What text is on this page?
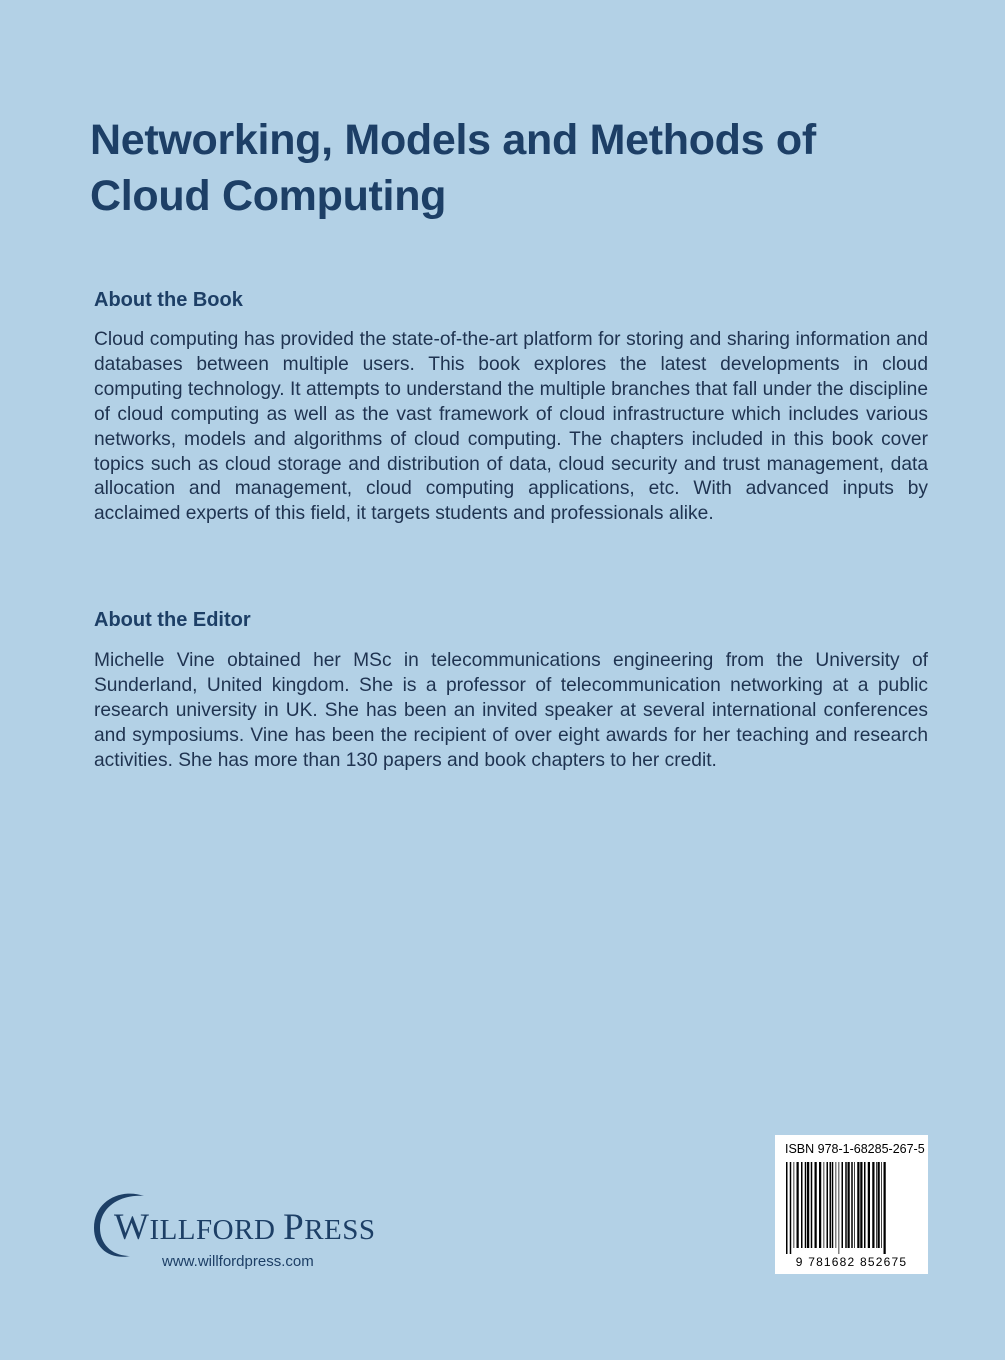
Networking, Models and Methods of
Cloud Computing
About the Book

Cloud computing has provided the state-of-the-art platform for storing and sharing information and databases between multiple users. This book explores the latest developments in cloud computing technology. It attempts to understand the multiple branches that fall under the discipline of cloud computing as well as the vast framework of cloud infrastructure which includes various networks, models and algorithms of cloud computing. The chapters included in this book cover topics such as cloud storage and distribution of data, cloud security and trust management, data allocation and management, cloud computing applications, etc. With advanced inputs by acclaimed experts of this field, it targets students and professionals alike.

About the Editor

Michelle Vine obtained her MSc in telecommunications engineering from the University of Sunderland, United kingdom. She is a professor of telecommunication networking at a public research university in UK. She has been an invited speaker at several international conferences and symposiums. Vine has been the recipient of over eight awards for her teaching and research activities. She has more than 130 papers and book chapters to her credit.

WILLFORD PRESS
www.willfordpress.com
ISBN 978-1-68285-267-5
9 781682 852675
